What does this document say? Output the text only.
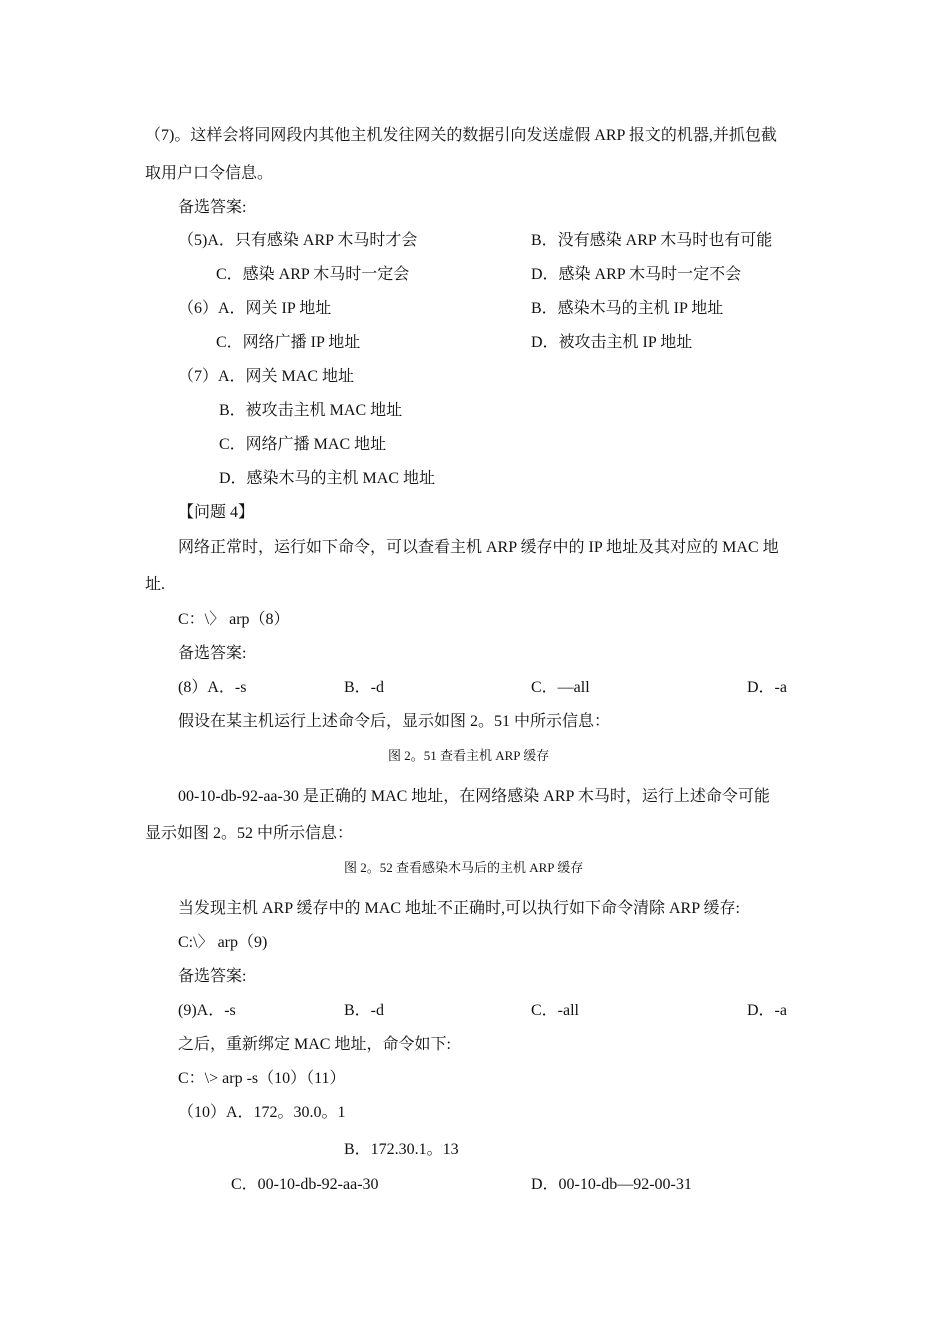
（7)。这样会将同网段内其他主机发往网关的数据引向发送虚假 ARP 报文的机器,并抓包截
取用户口令信息。
备选答案:
（5)A．只有感染 ARP 木马时才会	B．没有感染 ARP 木马时也有可能
C．感染 ARP 木马时一定会	D．感染 ARP 木马时一定不会
（6）A．网关 IP 地址	B．感染木马的主机 IP 地址
C．网络广播 IP 地址	D．被攻击主机 IP 地址
（7）A．网关 MAC 地址
B．被攻击主机 MAC 地址
C．网络广播 MAC 地址
D．感染木马的主机 MAC 地址
【问题 4】
网络正常时，运行如下命令，可以查看主机 ARP 缓存中的 IP 地址及其对应的 MAC 地
址.
C：\〉 arp（8）
备选答案:
(8）A．-s	B．-d	C．—all	D．-a
假设在某主机运行上述命令后，显示如图 2。51 中所示信息：
图 2。51 查看主机 ARP 缓存
00-10-db-92-aa-30 是正确的 MAC 地址，在网络感染 ARP 木马时，运行上述命令可能
显示如图 2。52 中所示信息：
图 2。52 查看感染木马后的主机 ARP 缓存
当发现主机 ARP 缓存中的 MAC 地址不正确时,可以执行如下命令清除 ARP 缓存:
C:\〉 arp（9)
备选答案:
(9)A．-s	B．-d	C．-all	D．-a
之后，重新绑定 MAC 地址，命令如下:
C：\> arp -s（10）（11）
（10）A．172。30.0。1
B．172.30.1。13
C．00-10-db-92-aa-30	D．00-10-db—92-00-31
